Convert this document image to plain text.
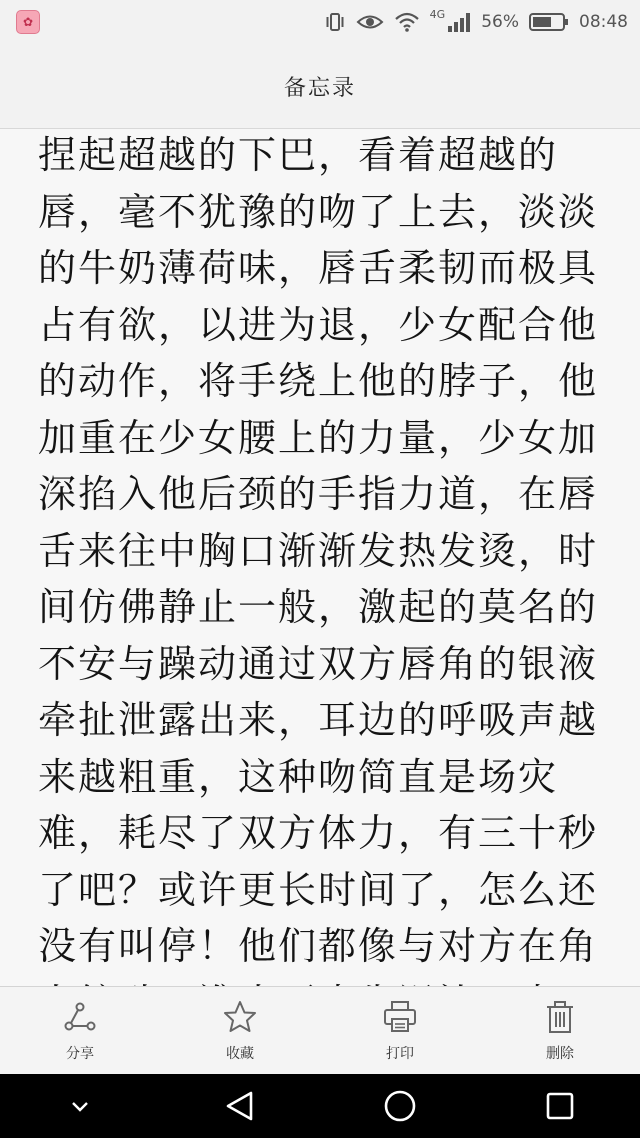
✿
4G 56%	08:48
备忘录

捏起超越的下巴，看着超越的唇，毫不犹豫的吻了上去，淡淡的牛奶薄荷味，唇舌柔韧而极具占有欲，以进为退，少女配合他的动作，将手绕上他的脖子，他加重在少女腰上的力量，少女加深掐入他后颈的手指力道，在唇舌来往中胸口渐渐发热发烫，时间仿佛静止一般，激起的莫名的不安与躁动通过双方唇角的银液牵扯泄露出来，耳边的呼吸声越来越粗重，这种吻简直是场灾难，耗尽了双方体力，有三十秒了吧？或许更长时间了，怎么还没有叫停！他们都像与对方在角

分享	收藏	打印	删除
